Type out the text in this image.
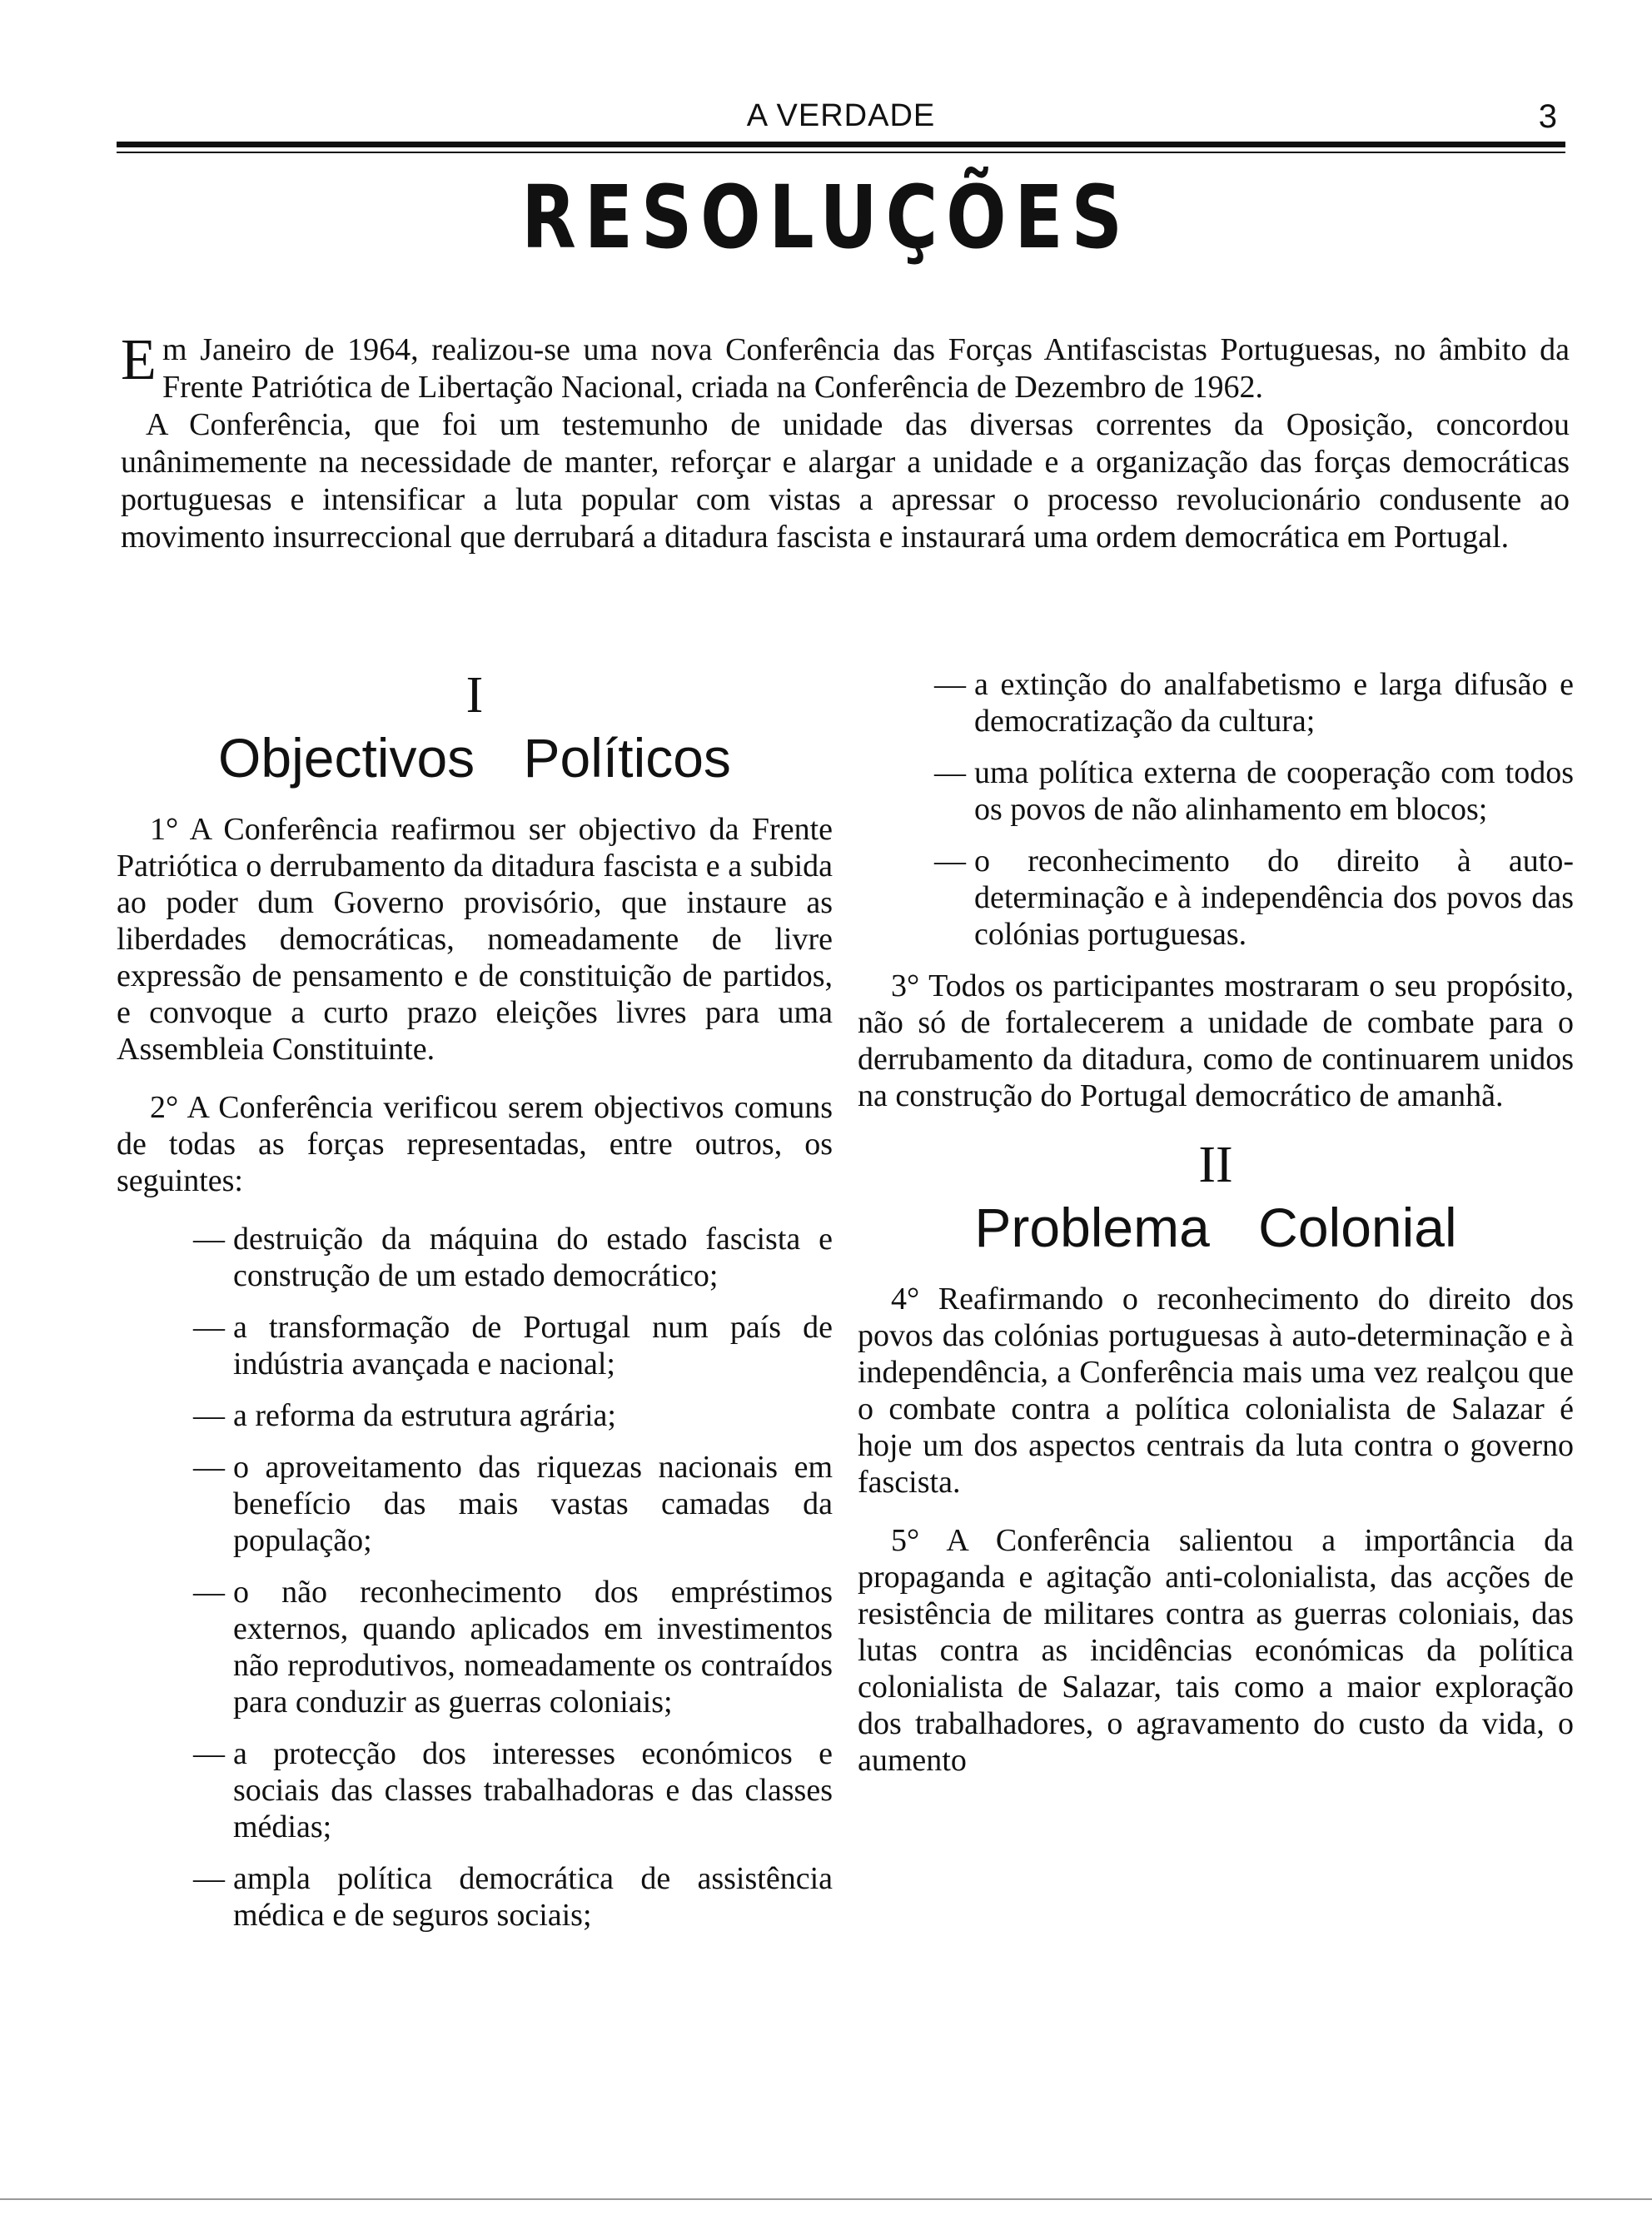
A VERDADE	3
RESOLUÇÕES

E m Janeiro de 1964, realizou-se uma nova Conferência das Forças Antifascistas Portuguesas, no âmbito da Frente Patriótica de Libertação Nacional, criada na Conferência de Dezembro de 1962.

A Conferência, que foi um testemunho de unidade das diversas correntes da Oposição, concordou unânimemente na necessidade de manter, reforçar e alargar a unidade e a organização das forças democráticas portuguesas e intensificar a luta popular com vistas a apressar o processo revolucionário condusente ao movimento insurreccional que derrubará a ditadura fascista e instaurará uma ordem democrática em Portugal.

I

Objectivos Políticos

1° A Conferência reafirmou ser objectivo da Frente Patriótica o derrubamento da ditadura fascista e a subida ao poder dum Governo provisório, que instaure as liberdades democráticas, nomeadamente de livre expressão de pensamento e de constituição de partidos, e convoque a curto prazo eleições livres para uma Assembleia Constituinte.

2° A Conferência verificou serem objectivos comuns de todas as forças representadas, entre outros, os seguintes:

— destruição da máquina do estado fascista e construção de um estado democrático;
— a transformação de Portugal num país de indústria avançada e nacional;
— a reforma da estrutura agrária;
— o aproveitamento das riquezas nacionais em benefício das mais vastas camadas da população;
— o não reconhecimento dos empréstimos externos, quando aplicados em investimentos não reprodutivos, nomeadamente os contraídos para conduzir as guerras coloniais;
— a protecção dos interesses económicos e sociais das classes trabalhadoras e das classes médias;
— ampla política democrática de assistência médica e de seguros sociais;
— a extinção do analfabetismo e larga difusão e democratização da cultura;
— uma política externa de cooperação com todos os povos de não alinhamento em blocos;
— o reconhecimento do direito à auto-determinação e à independência dos povos das colónias portuguesas.

3° Todos os participantes mostraram o seu propósito, não só de fortalecerem a unidade de combate para o derrubamento da ditadura, como de continuarem unidos na construção do Portugal democrático de amanhã.

II

Problema Colonial

4° Reafirmando o reconhecimento do direito dos povos das colónias portuguesas à auto-determinação e à independência, a Conferência mais uma vez realçou que o combate contra a política colonialista de Salazar é hoje um dos aspectos centrais da luta contra o governo fascista.

5° A Conferência salientou a importância da propaganda e agitação anti-colonialista, das acções de resistência de militares contra as guerras coloniais, das lutas contra as incidências económicas da política colonialista de Salazar, tais como a maior exploração dos trabalhadores, o agravamento do custo da vida, o aumento
